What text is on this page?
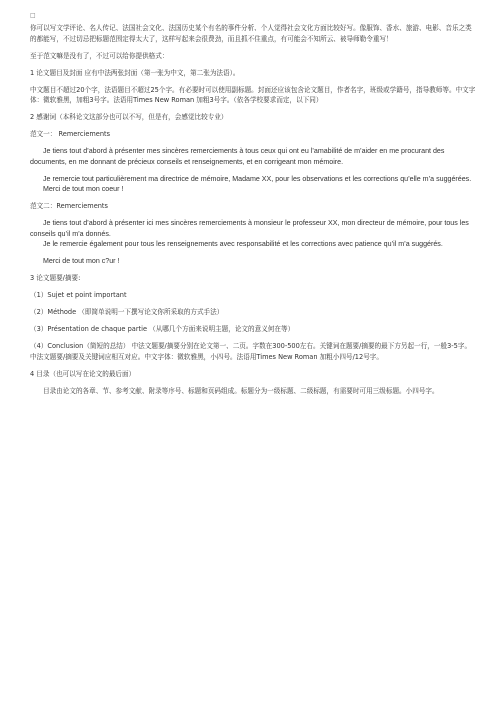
□

你可以写文学评论、名人传记、法国社会文化、法国历史某个有名的事件分析、个人觉得社会文化方面比较好写。像服饰、香水、旅游、电影、音乐之类的都能写，不过切忌把标题范围定得太大了，这样写起来会很费劲，而且抓不住重点，有可能会不知所云、被导师勒令重写！

至于范文嘛是没有了，不过可以给你提供格式：

1 论文题目及封面 应有中法两张封面（第一张为中文，第二张为法语）。

中文题目不超过20个字，法语题目不超过25个字。有必要时可以使用副标题。封面还应该包含论文题目，作者名字，班级或学籍号，指导教师等。中文字体：微软雅黑，加粗3号字。法语用Times New Roman 加粗3号字。（依各学校要求而定，以下同）

2 感谢词（本科论文这部分也可以不写，但是有，会感觉比较专业）

范文一： Remerciements

Je tiens tout d’abord à présenter mes sincères remerciements à tous ceux qui ont eu l’amabilité de m’aider en me procurant des documents, en me donnant de précieux conseils et renseignements, et en corrigeant mon mémoire.

Je remercie tout particulièrement ma directrice de mémoire, Madame XX, pour les observations et les corrections qu’elle m’a suggérées.

Merci de tout mon coeur !

范文二：Remerciements

Je tiens tout d’abord à présenter ici mes sincères remerciements à monsieur le professeur XX, mon directeur de mémoire, pour tous les conseils qu’il m’a donnés.

Je le remercie également pour tous les renseignements avec responsabilité et les corrections avec patience qu’il m’a suggérés.

Merci de tout mon c?ur !

3 论文题要/摘要:

（1）Sujet et point important

（2）Méthode （即简单说明一下撰写论文你所采取的方式手法）

（3）Présentation de chaque partie （从哪几个方面来说明主题，论文的意义何在等）

（4）Conclusion（简短的总结） 中法文题要/摘要分别在论文第一、二页。字数在300-500左右。关键词在题要/摘要的最下方另起一行，一般3-5字。中法文题要/摘要及关键词应相互对应。中文字体：微软雅黑，小四号。法语用Times New Roman 加粗小四号/12号字。

4 目录（也可以写在论文的最后面）

目录由论文的各章、节、参考文献、附录等序号、标题和页码组成。标题分为一级标题、二级标题，有需要时可用三级标题。小四号字。
